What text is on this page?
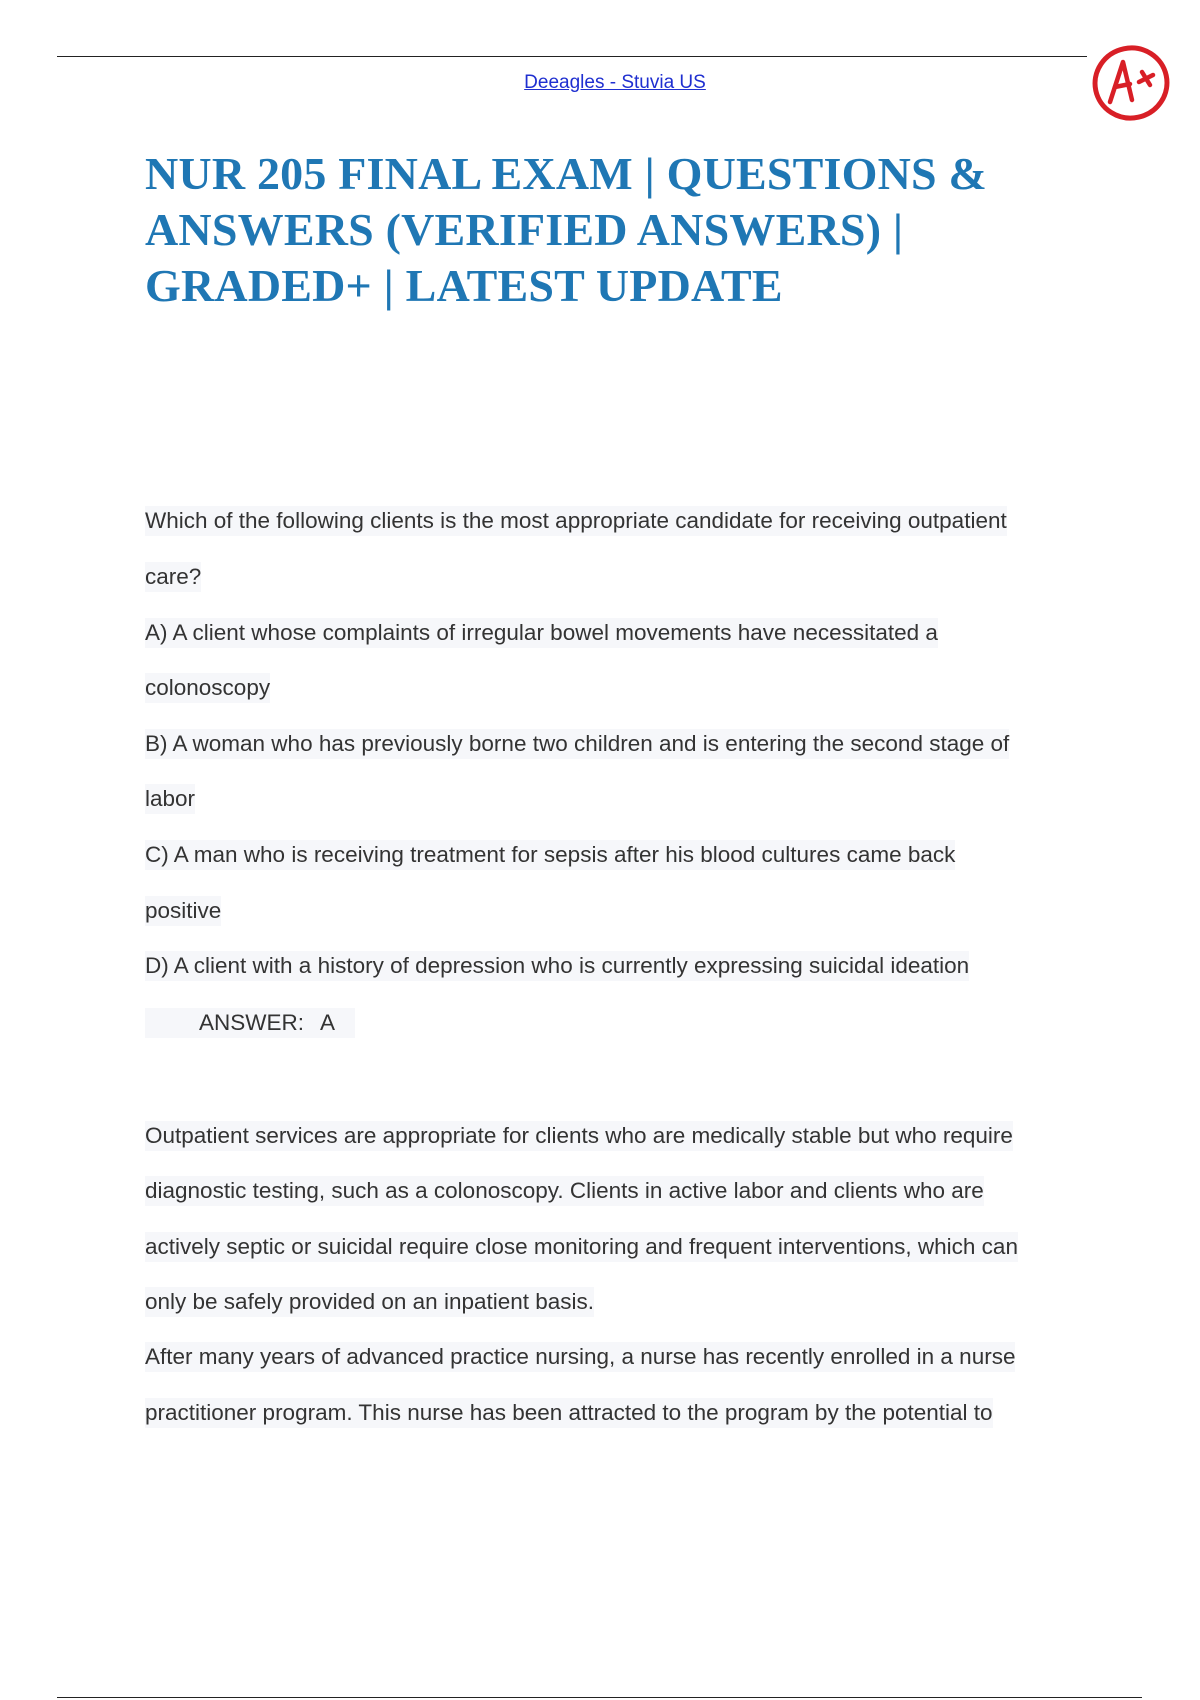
Deeagles - Stuvia US
NUR 205 FINAL EXAM | QUESTIONS & ANSWERS (VERIFIED ANSWERS) | GRADED+ | LATEST UPDATE
Which of the following clients is the most appropriate candidate for receiving outpatient
care?
A) A client whose complaints of irregular bowel movements have necessitated a
colonoscopy
B) A woman who has previously borne two children and is entering the second stage of
labor
C) A man who is receiving treatment for sepsis after his blood cultures came back
positive
D) A client with a history of depression who is currently expressing suicidal ideation
ANSWER: A
Outpatient services are appropriate for clients who are medically stable but who require
diagnostic testing, such as a colonoscopy. Clients in active labor and clients who are
actively septic or suicidal require close monitoring and frequent interventions, which can
only be safely provided on an inpatient basis.
After many years of advanced practice nursing, a nurse has recently enrolled in a nurse
practitioner program. This nurse has been attracted to the program by the potential to
